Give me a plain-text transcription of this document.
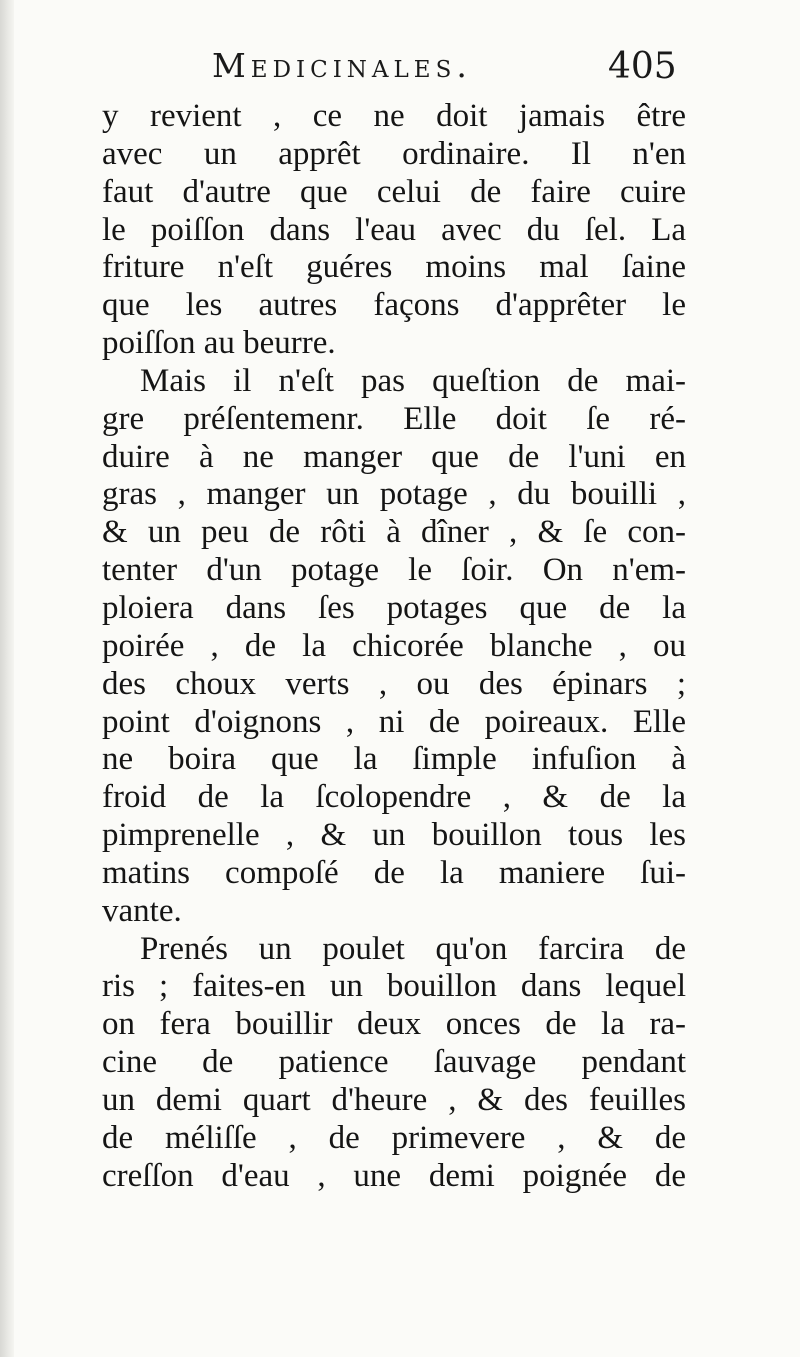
Medicinales.	405
y revient , ce ne doit jamais être
avec un apprêt ordinaire. Il n'en
faut d'autre que celui de faire cuire
le poiſſon dans l'eau avec du ſel. La
friture n'eſt guéres moins mal ſaine
que les autres façons d'apprêter le
poiſſon au beurre.
Mais il n'eſt pas queſtion de mai-
gre préſentemenr. Elle doit ſe ré-
duire à ne manger que de l'uni en
gras , manger un potage , du bouilli ,
& un peu de rôti à dîner , & ſe con-
tenter d'un potage le ſoir. On n'em-
ploiera dans ſes potages que de la
poirée , de la chicorée blanche , ou
des choux verts , ou des épinars ;
point d'oignons , ni de poireaux. Elle
ne boira que la ſimple infuſion à
froid de la ſcolopendre , & de la
pimprenelle , & un bouillon tous les
matins compoſé de la maniere ſui-
vante.
Prenés un poulet qu'on farcira de
ris ; faites-en un bouillon dans lequel
on fera bouillir deux onces de la ra-
cine de patience ſauvage pendant
un demi quart d'heure , & des feuilles
de méliſſe , de primevere , & de
creſſon d'eau , une demi poignée de
